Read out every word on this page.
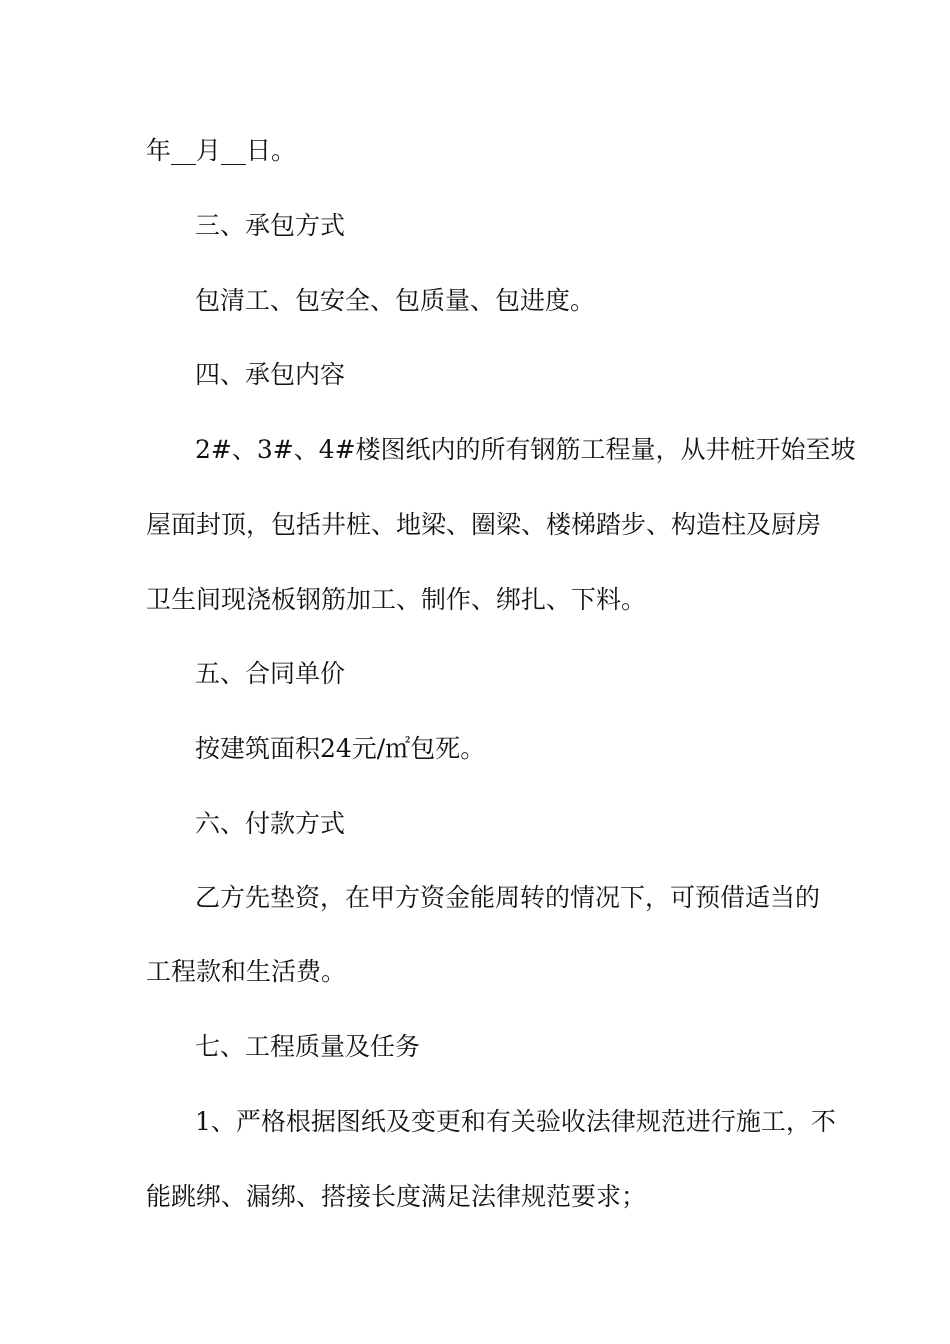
年__月__日。
三、承包方式
包清工、包安全、包质量、包进度。
四、承包内容
2#、3#、4#楼图纸内的所有钢筋工程量，从井桩开始至坡
屋面封顶，包括井桩、地梁、圈梁、楼梯踏步、构造柱及厨房
卫生间现浇板钢筋加工、制作、绑扎、下料。
五、合同单价
按建筑面积24元/㎡包死。
六、付款方式
乙方先垫资，在甲方资金能周转的情况下，可预借适当的
工程款和生活费。
七、工程质量及任务
1、严格根据图纸及变更和有关验收法律规范进行施工，不
能跳绑、漏绑、搭接长度满足法律规范要求；
